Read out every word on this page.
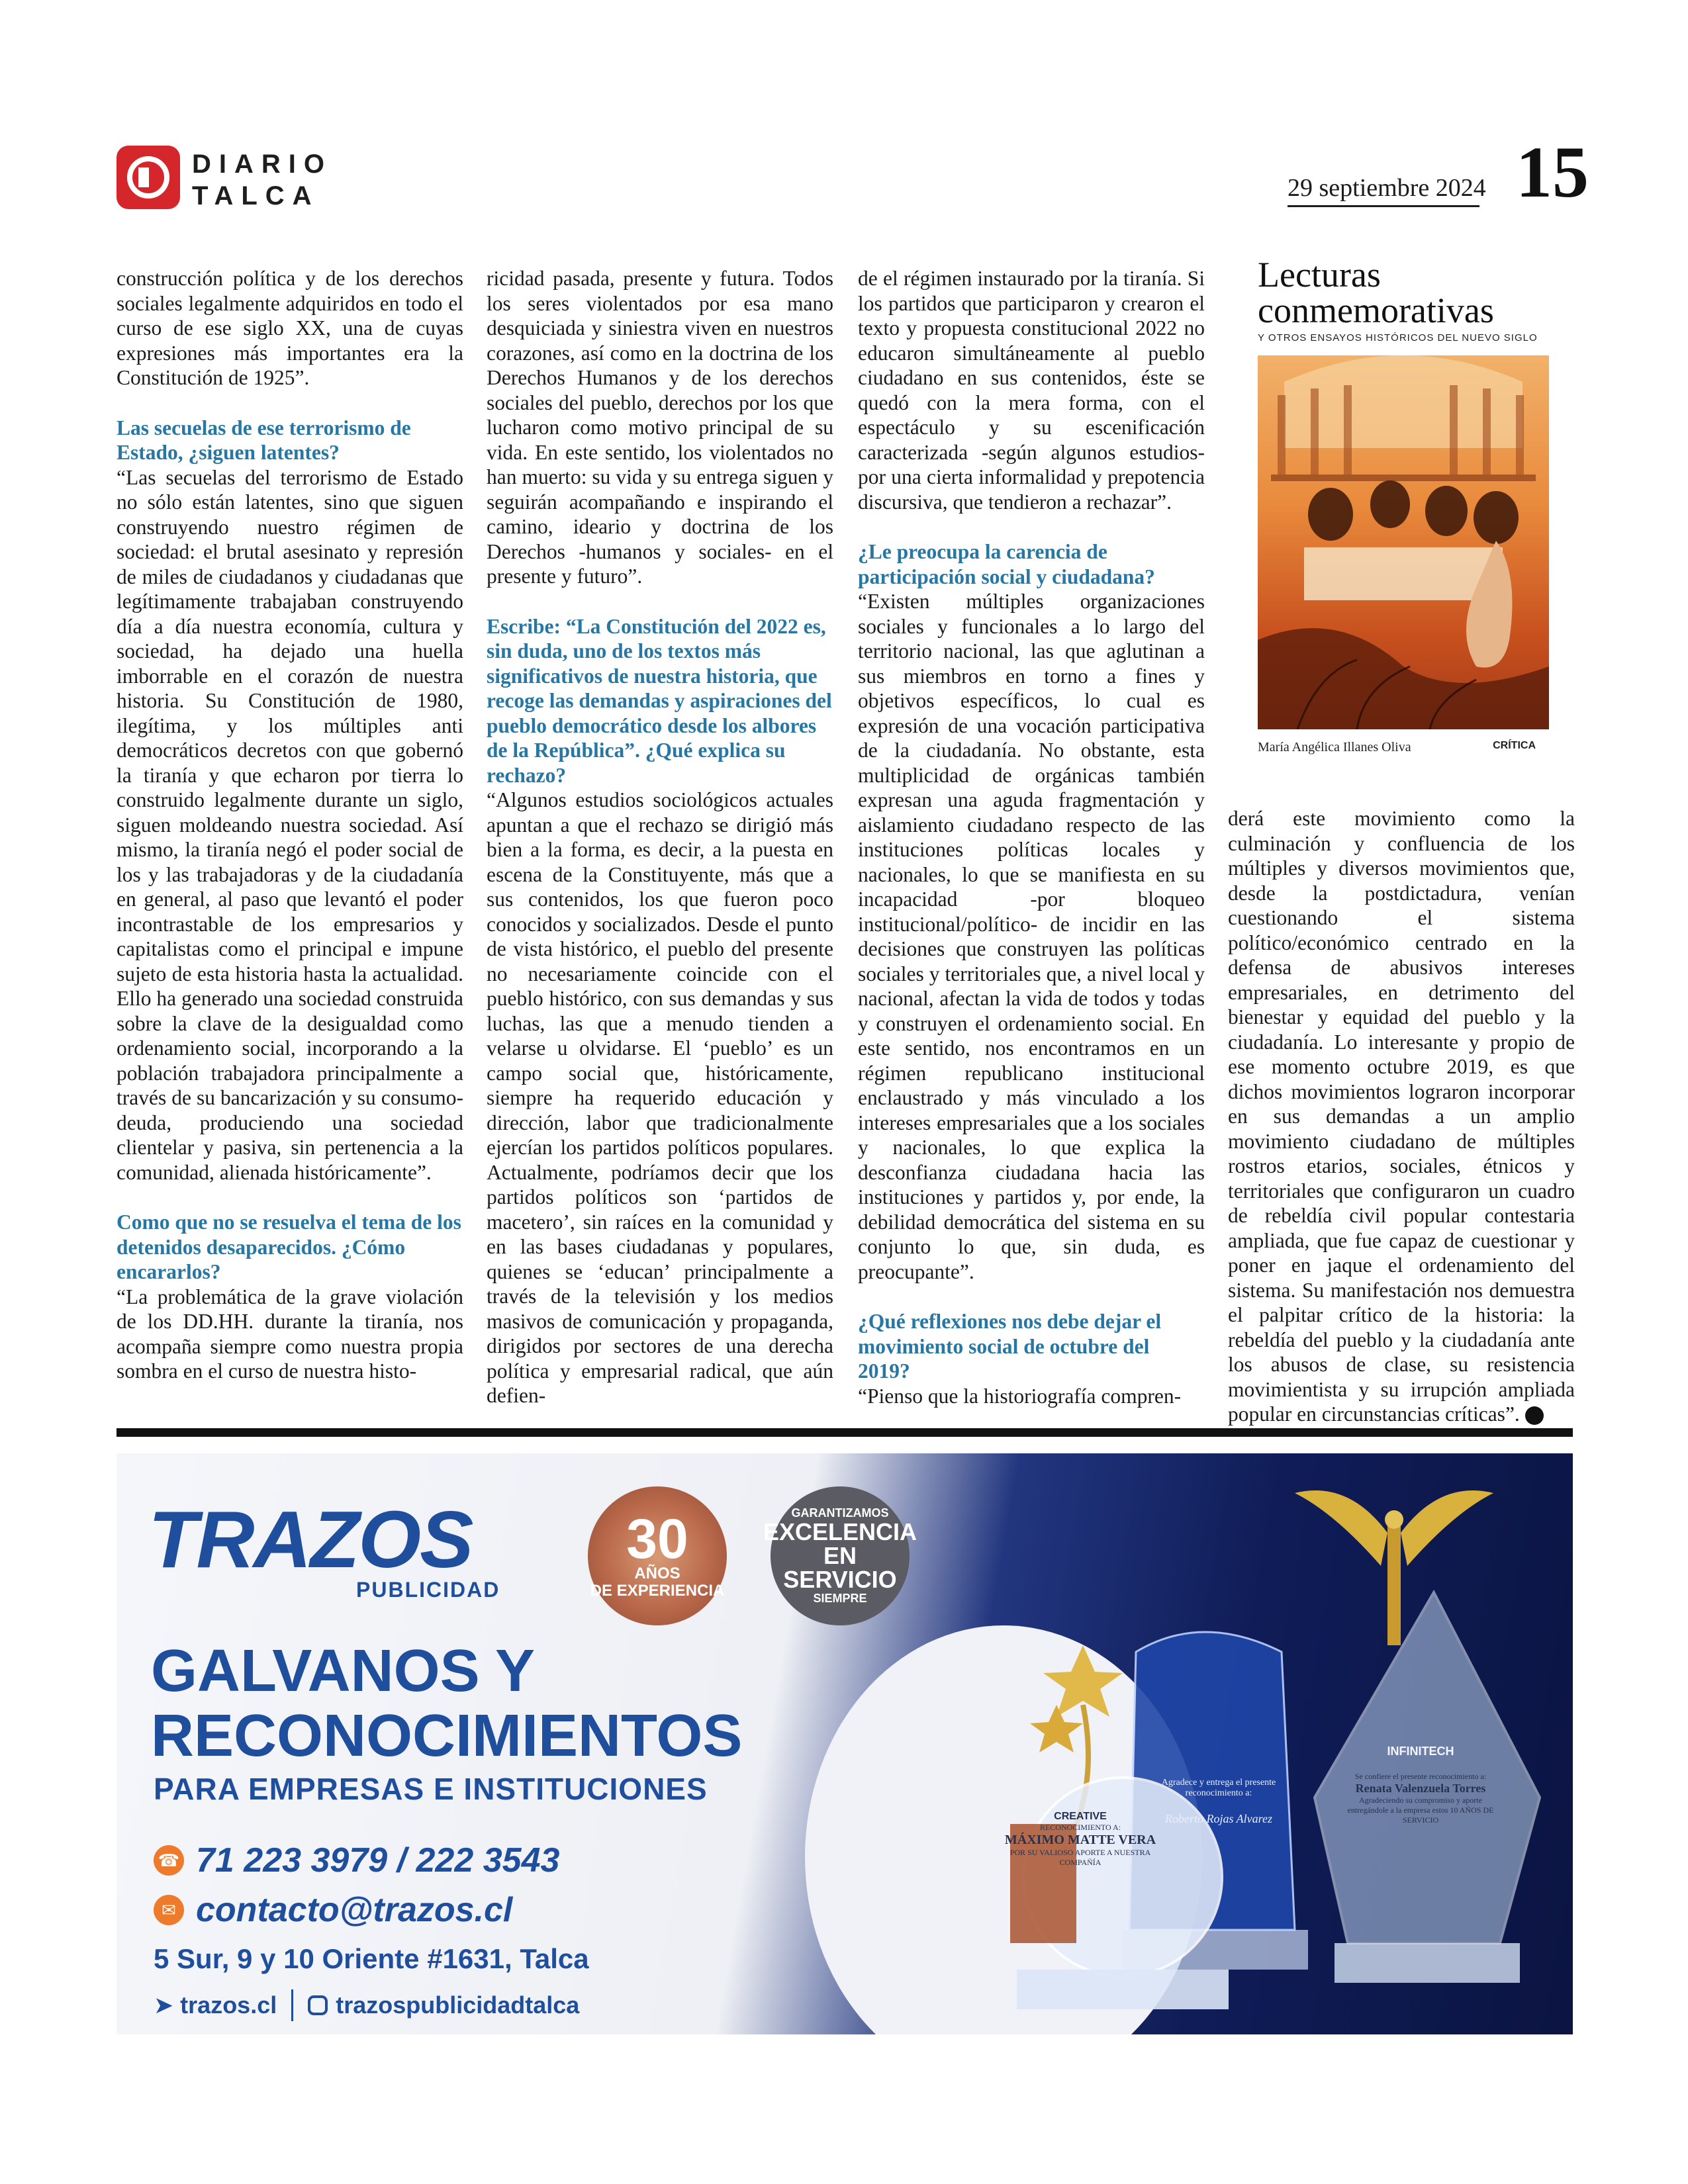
DIARIO
TALCA	29 septiembre 2024 15

construcción política y de los derechos sociales legalmente adquiridos en todo el curso de ese siglo XX, una de cuyas expresiones más importantes era la Constitución de 1925”.

Las secuelas de ese terrorismo de Estado, ¿siguen latentes?

“Las secuelas del terrorismo de Estado no sólo están latentes, sino que siguen construyendo nuestro régimen de sociedad: el brutal asesinato y represión de miles de ciudadanos y ciudadanas que legítimamente trabajaban construyendo día a día nuestra economía, cultura y sociedad, ha dejado una huella imborrable en el corazón de nuestra historia. Su Constitución de 1980, ilegítima, y los múltiples anti democráticos decretos con que gobernó la tiranía y que echaron por tierra lo construido legalmente durante un siglo, siguen moldeando nuestra sociedad. Así mismo, la tiranía negó el poder social de los y las trabajadoras y de la ciudadanía en general, al paso que levantó el poder incontrastable de los empresarios y capitalistas como el principal e impune sujeto de esta historia hasta la actualidad. Ello ha generado una sociedad construida sobre la clave de la desigualdad como ordenamiento social, incorporando a la población trabajadora principalmente a través de su bancarización y su consumo-deuda, produciendo una sociedad clientelar y pasiva, sin pertenencia a la comunidad, alienada históricamente”.

Como que no se resuelva el tema de los detenidos desaparecidos. ¿Cómo encararlos?

“La problemática de la grave violación de los DD.HH. durante la tiranía, nos acompaña siempre como nuestra propia sombra en el curso de nuestra histo-

ricidad pasada, presente y futura. Todos los seres violentados por esa mano desquiciada y siniestra viven en nuestros corazones, así como en la doctrina de los Derechos Humanos y de los derechos sociales del pueblo, derechos por los que lucharon como motivo principal de su vida. En este sentido, los violentados no han muerto: su vida y su entrega siguen y seguirán acompañando e inspirando el camino, ideario y doctrina de los Derechos -humanos y sociales- en el presente y futuro”.

Escribe: “La Constitución del 2022 es, sin duda, uno de los textos más significativos de nuestra historia, que recoge las demandas y aspiraciones del pueblo democrático desde los albores de la República”. ¿Qué explica su rechazo?

“Algunos estudios sociológicos actuales apuntan a que el rechazo se dirigió más bien a la forma, es decir, a la puesta en escena de la Constituyente, más que a sus contenidos, los que fueron poco conocidos y socializados. Desde el punto de vista histórico, el pueblo del presente no necesariamente coincide con el pueblo histórico, con sus demandas y sus luchas, las que a menudo tienden a velarse u olvidarse. El ‘pueblo’ es un campo social que, históricamente, siempre ha requerido educación y dirección, labor que tradicionalmente ejercían los partidos políticos populares. Actualmente, podríamos decir que los partidos políticos son ‘partidos de macetero’, sin raíces en la comunidad y en las bases ciudadanas y populares, quienes se ‘educan’ principalmente a través de la televisión y los medios masivos de comunicación y propaganda, dirigidos por sectores de una derecha política y empresarial radical, que aún defien-

de el régimen instaurado por la tiranía. Si los partidos que participaron y crearon el texto y propuesta constitucional 2022 no educaron simultáneamente al pueblo ciudadano en sus contenidos, éste se quedó con la mera forma, con el espectáculo y su escenificación caracterizada -según algunos estudios- por una cierta informalidad y prepotencia discursiva, que tendieron a rechazar”.

¿Le preocupa la carencia de participación social y ciudadana?

“Existen múltiples organizaciones sociales y funcionales a lo largo del territorio nacional, las que aglutinan a sus miembros en torno a fines y objetivos específicos, lo cual es expresión de una vocación participativa de la ciudadanía. No obstante, esta multiplicidad de orgánicas también expresan una aguda fragmentación y aislamiento ciudadano respecto de las instituciones políticas locales y nacionales, lo que se manifiesta en su incapacidad -por bloqueo institucional/político- de incidir en las decisiones que construyen las políticas sociales y territoriales que, a nivel local y nacional, afectan la vida de todos y todas y construyen el ordenamiento social. En este sentido, nos encontramos en un régimen republicano institucional enclaustrado y más vinculado a los intereses empresariales que a los sociales y nacionales, lo que explica la desconfianza ciudadana hacia las instituciones y partidos y, por ende, la debilidad democrática del sistema en su conjunto lo que, sin duda, es preocupante”.

¿Qué reflexiones nos debe dejar el movimiento social de octubre del 2019?

“Pienso que la historiografía compren-

Lecturas
conmemorativas
Y OTROS ENSAYOS HISTÓRICOS DEL NUEVO SIGLO
María Angélica Illanes Oliva	CRÍTICA

derá este movimiento como la culminación y confluencia de los múltiples y diversos movimientos que, desde la postdictadura, venían cuestionando el sistema político/económico centrado en la defensa de abusivos intereses empresariales, en detrimento del bienestar y equidad del pueblo y la ciudadanía. Lo interesante y propio de ese momento octubre 2019, es que dichos movimientos lograron incorporar en sus demandas a un amplio movimiento ciudadano de múltiples rostros etarios, sociales, étnicos y territoriales que configuraron un cuadro de rebeldía civil popular contestaria ampliada, que fue capaz de cuestionar y poner en jaque el ordenamiento del sistema. Su manifestación nos demuestra el palpitar crítico de la historia: la rebeldía del pueblo y la ciudadanía ante los abusos de clase, su resistencia movimientista y su irrupción ampliada popular en circunstancias críticas”.

TRAZOS
PUBLICIDAD
30
AÑOS
DE EXPERIENCIA
GARANTIZAMOS
EXCELENCIA
EN SERVICIO
SIEMPRE
GALVANOS Y
RECONOCIMIENTOS
PARA EMPRESAS E INSTITUCIONES
☎ 71 223 3979 / 222 3543
✉ contacto@trazos.cl
5 Sur, 9 y 10 Oriente #1631, Talca
➤ trazos.cl trazospublicidadtalca
CREATIVE
RECONOCIMIENTO A:
MÁXIMO MATTE VERA
POR SU VALIOSO APORTE A NUESTRA COMPAÑÍA
Agradece y entrega el presente reconocimiento a:
Roberto Rojas Alvarez
INFINITECH
Se confiere el presente reconocimiento a:
Renata Valenzuela Torres
Agradeciendo su compromiso y aporte entregándole a la empresa estos 10 AÑOS DE SERVICIO
